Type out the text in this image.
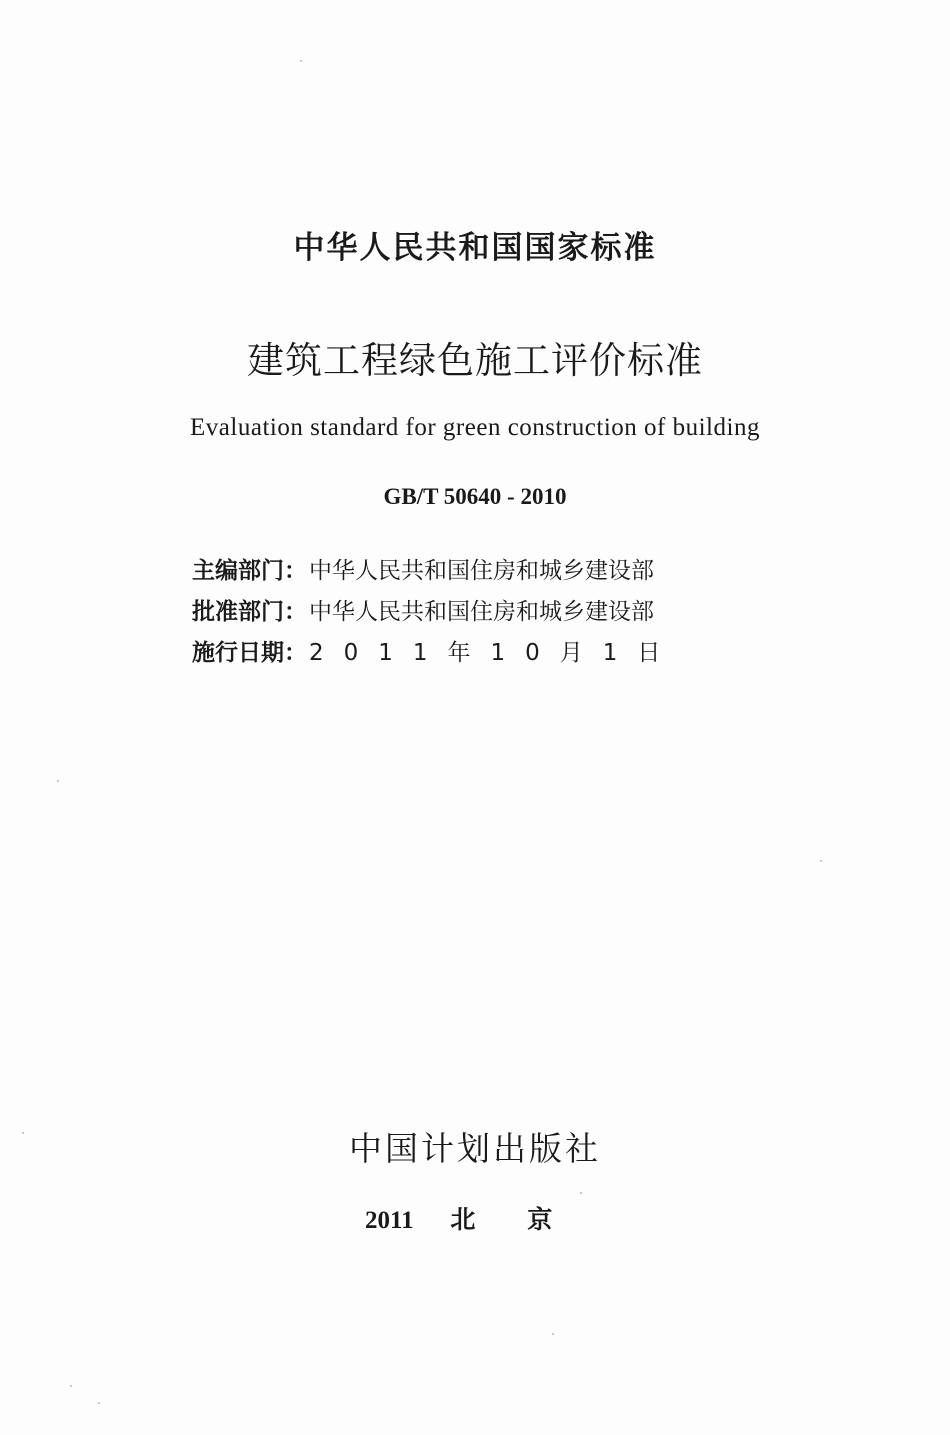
中华人民共和国国家标准
建筑工程绿色施工评价标准
Evaluation standard for green construction of building
GB/T 50640 - 2010
主编部门： 中华人民共和国住房和城乡建设部
批准部门： 中华人民共和国住房和城乡建设部
施行日期： 2011年10月1日
中国计划出版社
2011 北京
